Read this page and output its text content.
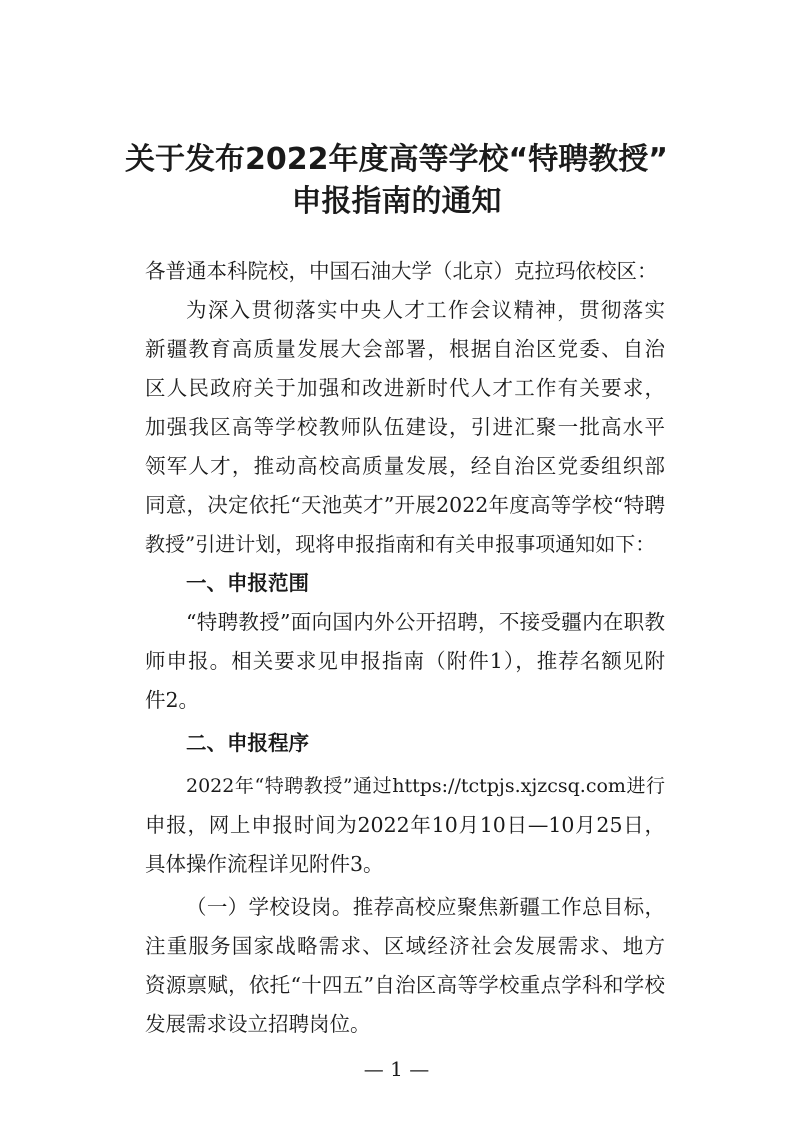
关于发布2022年度高等学校“特聘教授”
申报指南的通知
各普通本科院校，中国石油大学（北京）克拉玛依校区：
为深入贯彻落实中央人才工作会议精神，贯彻落实
新疆教育高质量发展大会部署，根据自治区党委、自治
区人民政府关于加强和改进新时代人才工作有关要求，
加强我区高等学校教师队伍建设，引进汇聚一批高水平
领军人才，推动高校高质量发展，经自治区党委组织部
同意，决定依托“天池英才”开展2022年度高等学校“特聘
教授”引进计划，现将申报指南和有关申报事项通知如下：
一、申报范围
“特聘教授”面向国内外公开招聘，不接受疆内在职教
师申报。相关要求见申报指南（附件1），推荐名额见附
件2。
二、申报程序
2022年“特聘教授”通过https://tctpjs.xjzcsq.com进行
申报，网上申报时间为2022年10月10日—10月25日，
具体操作流程详见附件3。
（一）学校设岗。推荐高校应聚焦新疆工作总目标，
注重服务国家战略需求、区域经济社会发展需求、地方
资源禀赋，依托“十四五”自治区高等学校重点学科和学校
发展需求设立招聘岗位。
— 1 —
